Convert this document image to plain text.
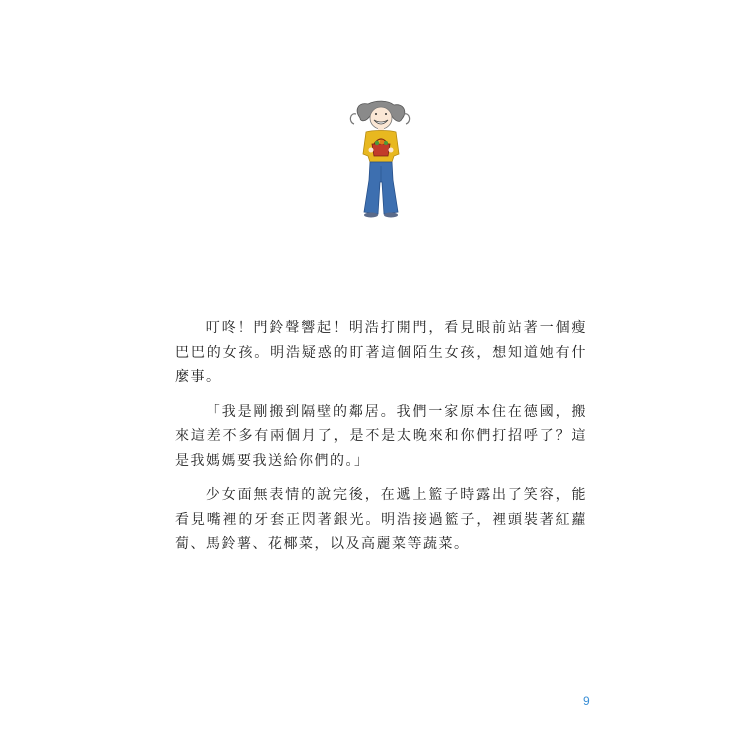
叮咚！門鈴聲響起！明浩打開門，看見眼前站著一個瘦巴巴的女孩。明浩疑惑的盯著這個陌生女孩，想知道她有什麼事。

「我是剛搬到隔壁的鄰居。我們一家原本住在德國，搬來這差不多有兩個月了，是不是太晚來和你們打招呼了？這是我媽媽要我送給你們的。」

少女面無表情的說完後，在遞上籃子時露出了笑容，能看見嘴裡的牙套正閃著銀光。明浩接過籃子，裡頭裝著紅蘿蔔、馬鈴薯、花椰菜，以及高麗菜等蔬菜。

9
